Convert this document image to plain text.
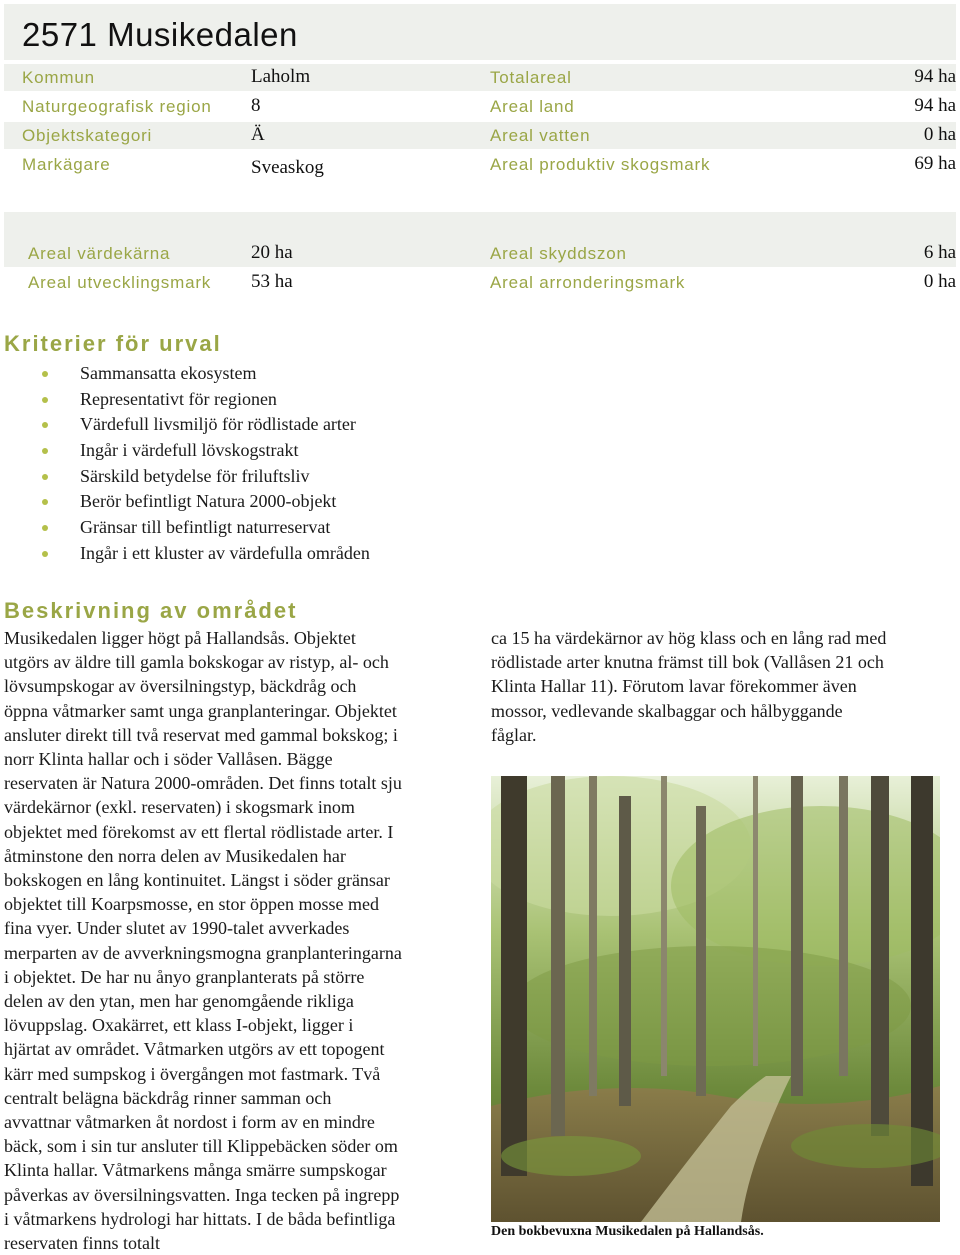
2571 Musikedalen
Kommun	Laholm	Totalareal	94 ha
Naturgeografisk region 8	Areal land	94 ha
Objektskategori	Ä	Areal vatten	0 ha
Markägare	Sveaskog	Areal produktiv skogsmark	69 ha
Areal värdekärna	20 ha	Areal skyddszon	6 ha
Areal utvecklingsmark 53 ha	Areal arronderingsmark	0 ha
Kriterier för urval
Sammansatta ekosystem
Representativt för regionen
Värdefull livsmiljö för rödlistade arter
Ingår i värdefull lövskogstrakt
Särskild betydelse för friluftsliv
Berör befintligt Natura 2000-objekt
Gränsar till befintligt naturreservat
Ingår i ett kluster av värdefulla områden
Beskrivning av området
Musikedalen ligger högt på Hallandsås. Objektet
utgörs av äldre till gamla bokskogar av ristyp, al- och
lövsumpskogar av översilningstyp, bäckdråg och
öppna våtmarker samt unga granplanteringar. Objektet
ansluter direkt till två reservat med gammal bokskog; i
norr Klinta hallar och i söder Vallåsen. Bägge
reservaten är Natura 2000-områden. Det finns totalt sju
värdekärnor (exkl. reservaten) i skogsmark inom
objektet med förekomst av ett flertal rödlistade arter. I
åtminstone den norra delen av Musikedalen har
bokskogen en lång kontinuitet. Längst i söder gränsar
objektet till Koarpsmosse, en stor öppen mosse med
fina vyer. Under slutet av 1990-talet avverkades
merparten av de avverkningsmogna granplanteringarna
i objektet. De har nu ånyo granplanterats på större
delen av den ytan, men har genomgående rikliga
lövuppslag. Oxakärret, ett klass I-objekt, ligger i
hjärtat av området. Våtmarken utgörs av ett topogent
kärr med sumpskog i övergången mot fastmark. Två
centralt belägna bäckdråg rinner samman och
avvattnar våtmarken åt nordost i form av en mindre
bäck, som i sin tur ansluter till Klippebäcken söder om
Klinta hallar. Våtmarkens många smärre sumpskogar
påverkas av översilningsvatten. Inga tecken på ingrepp
i våtmarkens hydrologi har hittats. I de båda befintliga
reservaten finns totalt
ca 15 ha värdekärnor av hög klass och en lång rad med
rödlistade arter knutna främst till bok (Vallåsen 21 och
Klinta Hallar 11). Förutom lavar förekommer även
mossor, vedlevande skalbaggar och hålbyggande
fåglar.

Den bokbevuxna Musikedalen på Hallandsås.
